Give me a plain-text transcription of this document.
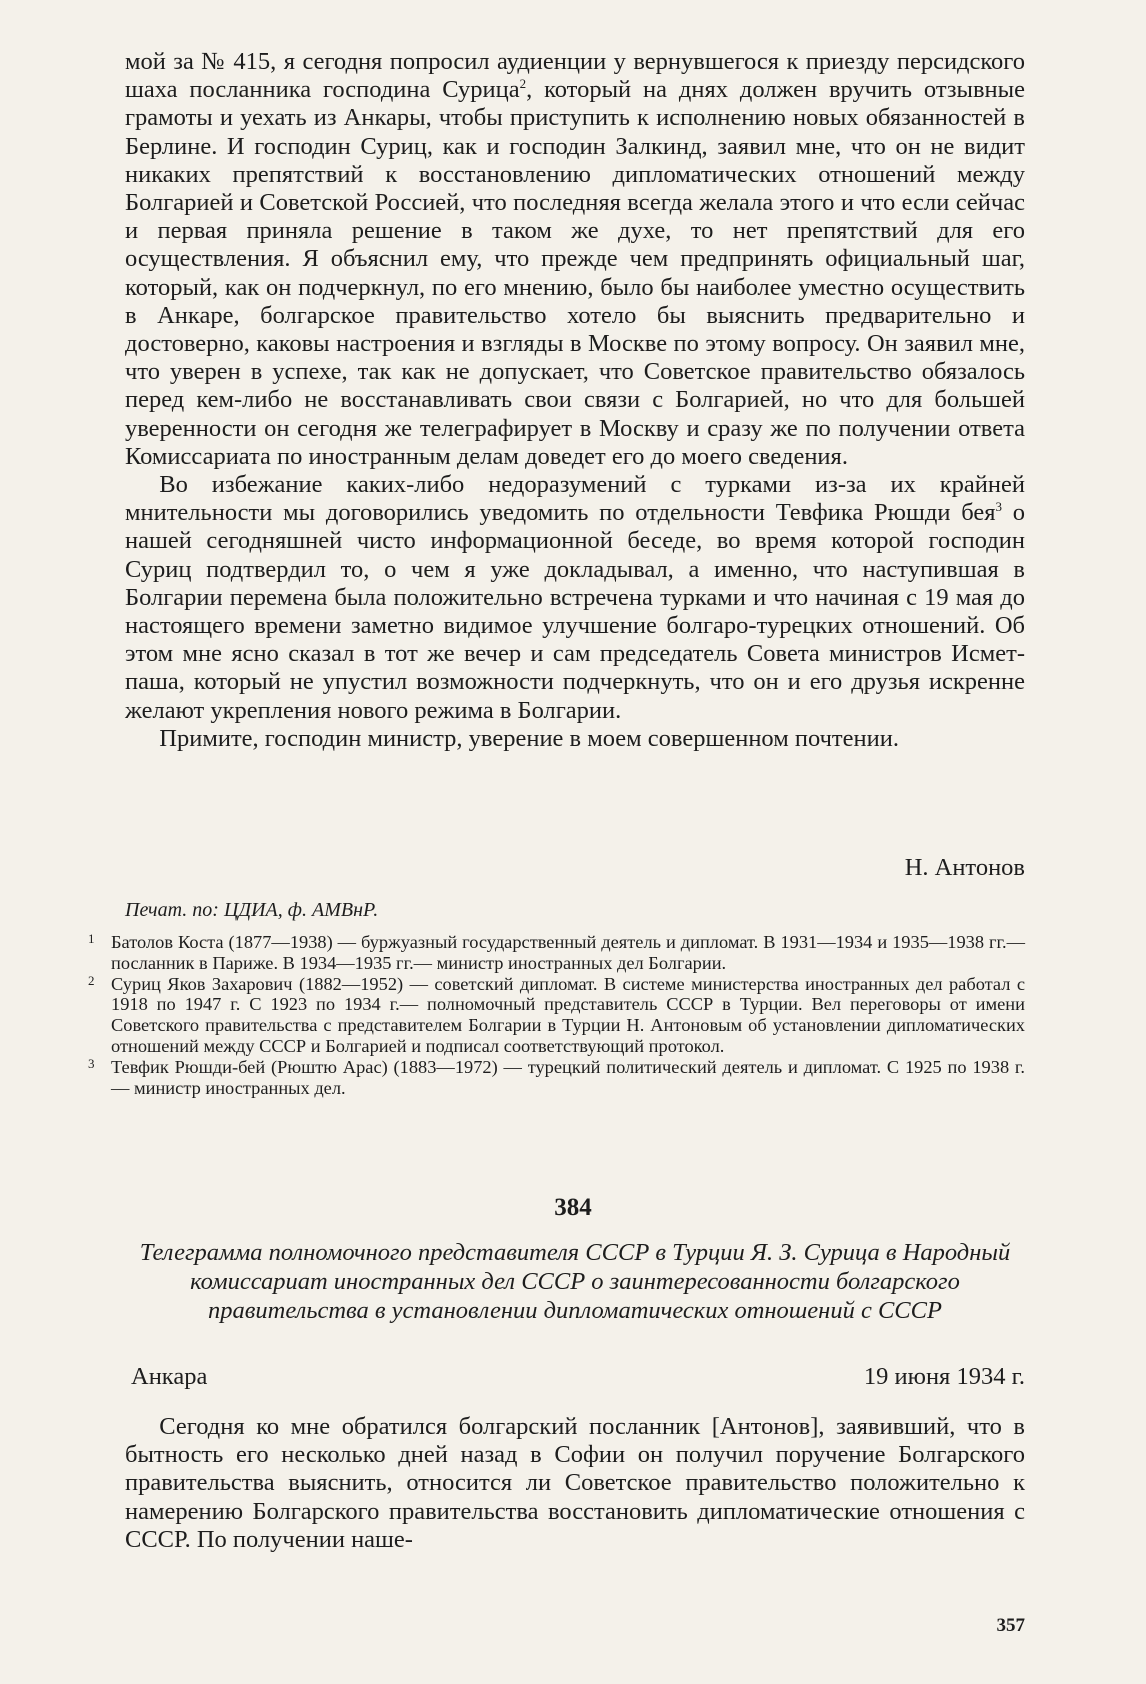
мой за № 415, я сегодня попросил аудиенции у вернувшегося к приезду персидского шаха посланника господина Сурица$^2$, который на днях должен вручить отзывные грамоты и уехать из Анкары, чтобы приступить к исполнению новых обязанностей в Берлине. И господин Суриц, как и господин Залкинд, заявил мне, что он не видит никаких препятствий к восстановлению дипломатических отношений между Болгарией и Советской Россией, что последняя всегда желала этого и что если сейчас и первая приняла решение в таком же духе, то нет препятствий для его осуществления. Я объяснил ему, что прежде чем предпринять официальный шаг, который, как он подчеркнул, по его мнению, было бы наиболее уместно осуществить в Анкаре, болгарское правительство хотело бы выяснить предварительно и достоверно, каковы настроения и взгляды в Москве по этому вопросу. Он заявил мне, что уверен в успехе, так как не допускает, что Советское правительство обязалось перед кем-либо не восстанавливать свои связи с Болгарией, но что для большей уверенности он сегодня же телеграфирует в Москву и сразу же по получении ответа Комиссариата по иностранным делам доведет его до моего сведения.

Во избежание каких-либо недоразумений с турками из-за их крайней мнительности мы договорились уведомить по отдельности Тевфика Рюшди бея$^3$ о нашей сегодняшней чисто информационной беседе, во время которой господин Суриц подтвердил то, о чем я уже докладывал, а именно, что наступившая в Болгарии перемена была положительно встречена турками и что начиная с 19 мая до настоящего времени заметно видимое улучшение болгаро-турецких отношений. Об этом мне ясно сказал в тот же вечер и сам председатель Совета министров Исмет-паша, который не упустил возможности подчеркнуть, что он и его друзья искренне желают укрепления нового режима в Болгарии.

Примите, господин министр, уверение в моем совершенном почтении.

Н. Антонов

Печат. по: ЦДИА, ф. АМВнР.

1 Батолов Коста (1877—1938) — буржуазный государственный деятель и дипломат. В 1931—1934 и 1935—1938 гг.— посланник в Париже. В 1934—1935 гг.— министр иностранных дел Болгарии.
2 Суриц Яков Захарович (1882—1952) — советский дипломат. В системе министерства иностранных дел работал с 1918 по 1947 г. С 1923 по 1934 г.— полномочный представитель СССР в Турции. Вел переговоры от имени Советского правительства с представителем Болгарии в Турции Н. Антоновым об установлении дипломатических отношений между СССР и Болгарией и подписал соответствующий протокол.
3 Тевфик Рюшди-бей (Рюштю Арас) (1883—1972) — турецкий политический деятель и дипломат. С 1925 по 1938 г.— министр иностранных дел.

384

Телеграмма полномочного представителя СССР в Турции Я. З. Сурица в Народный комиссариат иностранных дел СССР о заинтересованности болгарского правительства в установлении дипломатических отношений с СССР

Анкара	19 июня 1934 г.

Сегодня ко мне обратился болгарский посланник [Антонов], заявивший, что в бытность его несколько дней назад в Софии он получил поручение Болгарского правительства выяснить, относится ли Советское правительство положительно к намерению Болгарского правительства восстановить дипломатические отношения с СССР. По получении наше-

357
